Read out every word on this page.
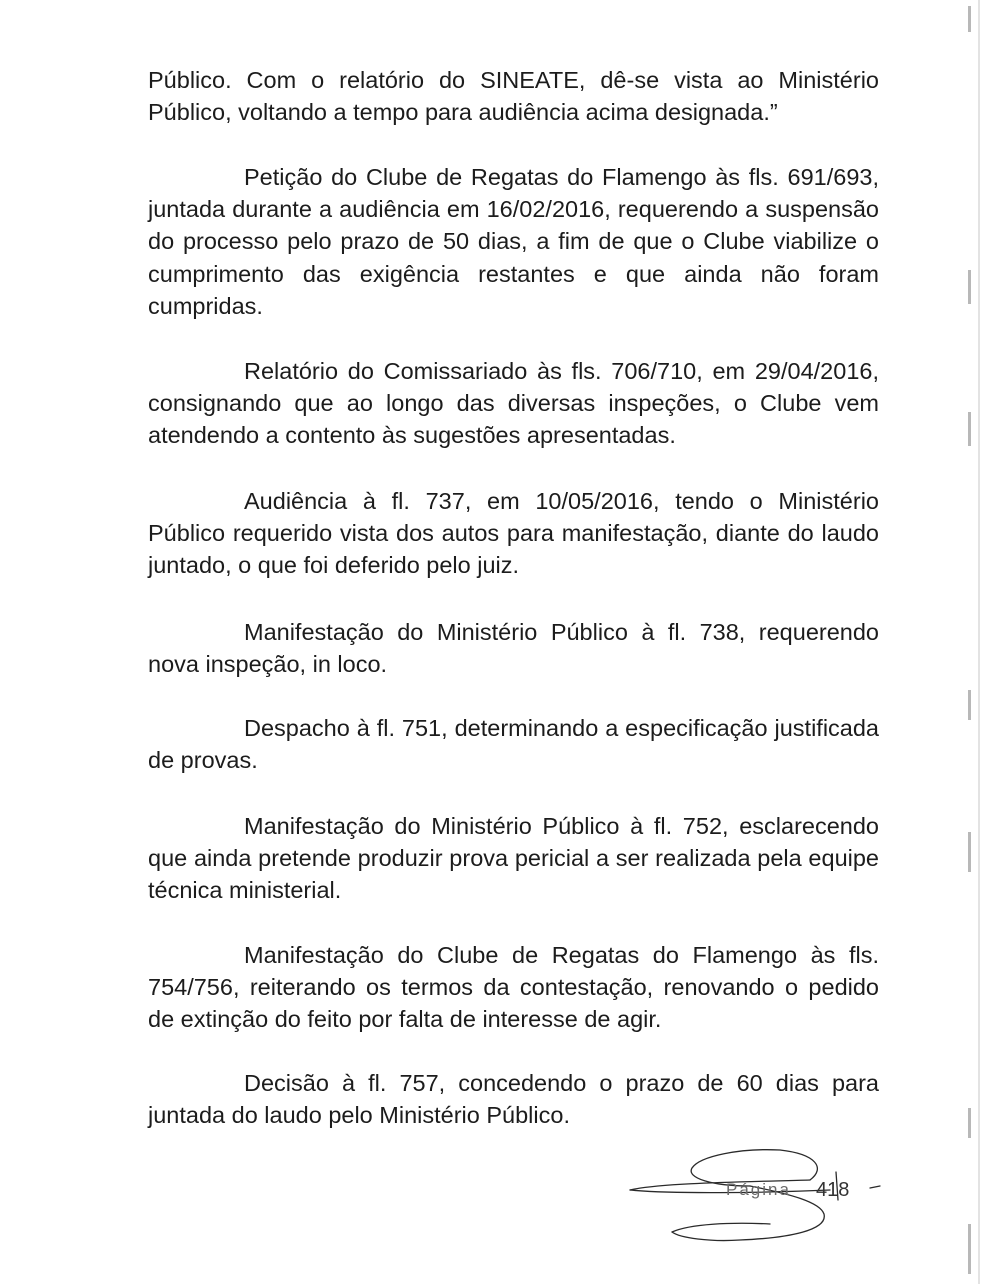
Público. Com o relatório do SINEATE, dê-se vista ao Ministério Público, voltando a tempo para audiência acima designada.”

Petição do Clube de Regatas do Flamengo às fls. 691/693, juntada durante a audiência em 16/02/2016, requerendo a suspensão do processo pelo prazo de 50 dias, a fim de que o Clube viabilize o cumprimento das exigência restantes e que ainda não foram cumpridas.

Relatório do Comissariado às fls. 706/710, em 29/04/2016, consignando que ao longo das diversas inspeções, o Clube vem atendendo a contento às sugestões apresentadas.

Audiência à fl. 737, em 10/05/2016, tendo o Ministério Público requerido vista dos autos para manifestação, diante do laudo juntado, o que foi deferido pelo juiz.

Manifestação do Ministério Público à fl. 738, requerendo nova inspeção, in loco.

Despacho à fl. 751, determinando a especificação justificada de provas.

Manifestação do Ministério Público à fl. 752, esclarecendo que ainda pretende produzir prova pericial a ser realizada pela equipe técnica ministerial.

Manifestação do Clube de Regatas do Flamengo às fls. 754/756, reiterando os termos da contestação, renovando o pedido de extinção do feito por falta de interesse de agir.

Decisão à fl. 757, concedendo o prazo de 60 dias para juntada do laudo pelo Ministério Público.

Página 418
